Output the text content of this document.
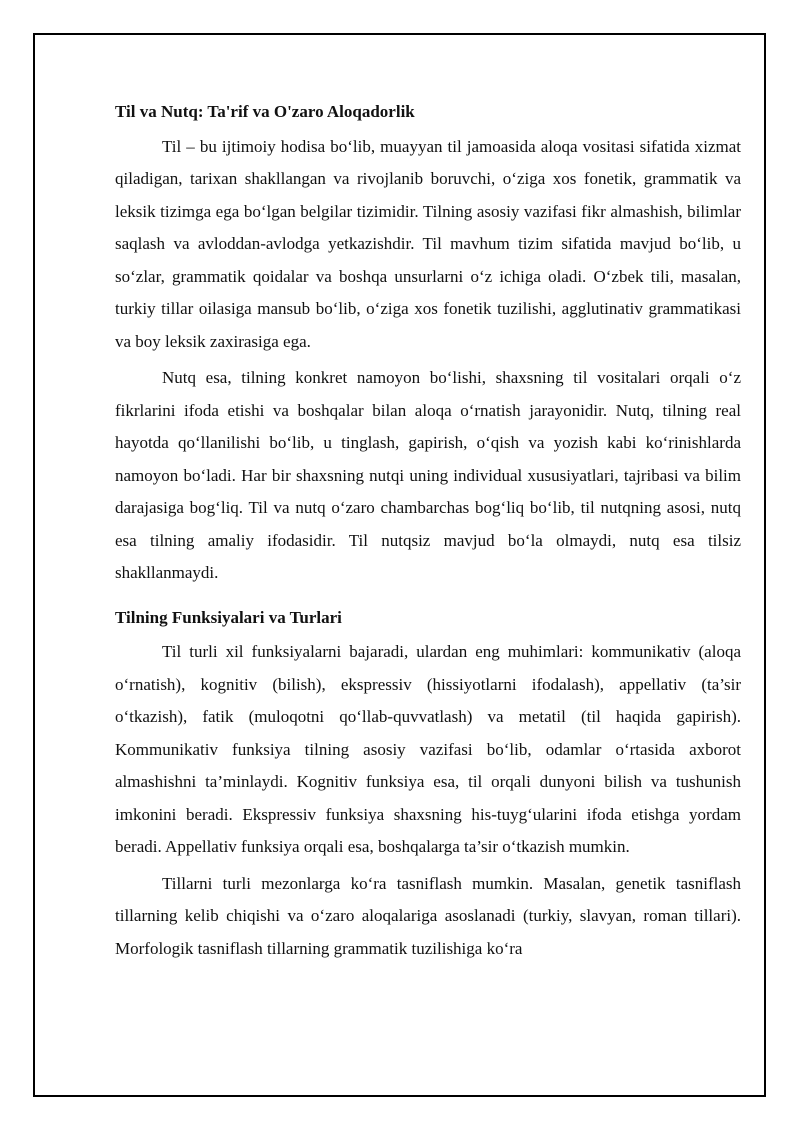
Til va Nutq: Ta'rif va O'zaro Aloqadorlik

Til – bu ijtimoiy hodisa bo‘lib, muayyan til jamoasida aloqa vositasi sifatida xizmat qiladigan, tarixan shakllangan va rivojlanib boruvchi, o‘ziga xos fonetik, grammatik va leksik tizimga ega bo‘lgan belgilar tizimidir. Tilning asosiy vazifasi fikr almashish, bilimlar saqlash va avloddan-avlodga yetkazishdir. Til mavhum tizim sifatida mavjud bo‘lib, u so‘zlar, grammatik qoidalar va boshqa unsurlarni o‘z ichiga oladi. O‘zbek tili, masalan, turkiy tillar oilasiga mansub bo‘lib, o‘ziga xos fonetik tuzilishi, agglutinativ grammatikasi va boy leksik zaxirasiga ega.

Nutq esa, tilning konkret namoyon bo‘lishi, shaxsning til vositalari orqali o‘z fikrlarini ifoda etishi va boshqalar bilan aloqa o‘rnatish jarayonidir. Nutq, tilning real hayotda qo‘llanilishi bo‘lib, u tinglash, gapirish, o‘qish va yozish kabi ko‘rinishlarda namoyon bo‘ladi. Har bir shaxsning nutqi uning individual xususiyatlari, tajribasi va bilim darajasiga bog‘liq. Til va nutq o‘zaro chambarchas bog‘liq bo‘lib, til nutqning asosi, nutq esa tilning amaliy ifodasidir. Til nutqsiz mavjud bo‘la olmaydi, nutq esa tilsiz shakllanmaydi.

Tilning Funksiyalari va Turlari

Til turli xil funksiyalarni bajaradi, ulardan eng muhimlari: kommunikativ (aloqa o‘rnatish), kognitiv (bilish), ekspressiv (hissiyotlarni ifodalash), appellativ (ta’sir o‘tkazish), fatik (muloqotni qo‘llab-quvvatlash) va metatil (til haqida gapirish). Kommunikativ funksiya tilning asosiy vazifasi bo‘lib, odamlar o‘rtasida axborot almashishni ta’minlaydi. Kognitiv funksiya esa, til orqali dunyoni bilish va tushunish imkonini beradi. Ekspressiv funksiya shaxsning his-tuyg‘ularini ifoda etishga yordam beradi. Appellativ funksiya orqali esa, boshqalarga ta’sir o‘tkazish mumkin.

Tillarni turli mezonlarga ko‘ra tasniflash mumkin. Masalan, genetik tasniflash tillarning kelib chiqishi va o‘zaro aloqalariga asoslanadi (turkiy, slavyan, roman tillari). Morfologik tasniflash tillarning grammatik tuzilishiga ko‘ra
